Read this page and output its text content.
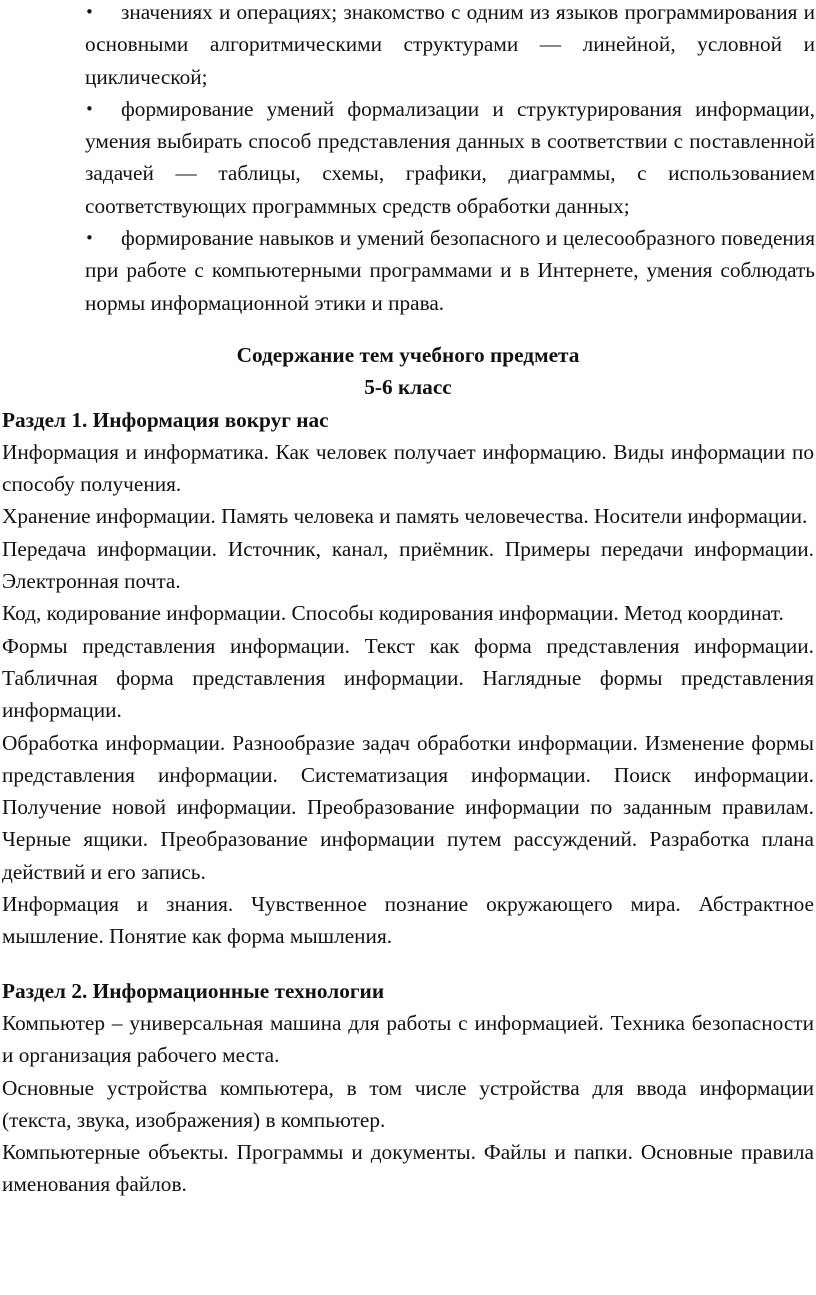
• значениях и операциях; знакомство с одним из языков программирования и основными алгоритмическими структурами — линейной, условной и циклической;
• формирование умений формализации и структурирования информации, умения выбирать способ представления данных в соответствии с поставленной задачей — таблицы, схемы, графики, диаграммы, с использованием соответствующих программных средств обработки данных;
• формирование навыков и умений безопасного и целесообразного поведения при работе с компьютерными программами и в Интернете, умения соблюдать нормы информационной этики и права.
Содержание тем учебного предмета
5-6 класс
Раздел 1. Информация вокруг нас
Информация и информатика. Как человек получает информацию. Виды информации по способу получения.
Хранение информации. Память человека и память человечества. Носители информации.
Передача информации. Источник, канал, приёмник. Примеры передачи информации. Электронная почта.
Код, кодирование информации. Способы кодирования информации. Метод координат.
Формы представления информации. Текст как форма представления информации. Табличная форма представления информации. Наглядные формы представления информации.
Обработка информации. Разнообразие задач обработки информации. Изменение формы представления информации. Систематизация информации. Поиск информации. Получение новой информации. Преобразование информации по заданным правилам. Черные ящики. Преобразование информации путем рассуждений. Разработка плана действий и его запись.
Информация и знания. Чувственное познание окружающего мира. Абстрактное мышление. Понятие как форма мышления.
Раздел 2. Информационные технологии
Компьютер – универсальная машина для работы с информацией. Техника безопасности и организация рабочего места.
Основные устройства компьютера, в том числе устройства для ввода информации (текста, звука, изображения) в компьютер.
Компьютерные объекты. Программы и документы. Файлы и папки. Основные правила именования файлов.
